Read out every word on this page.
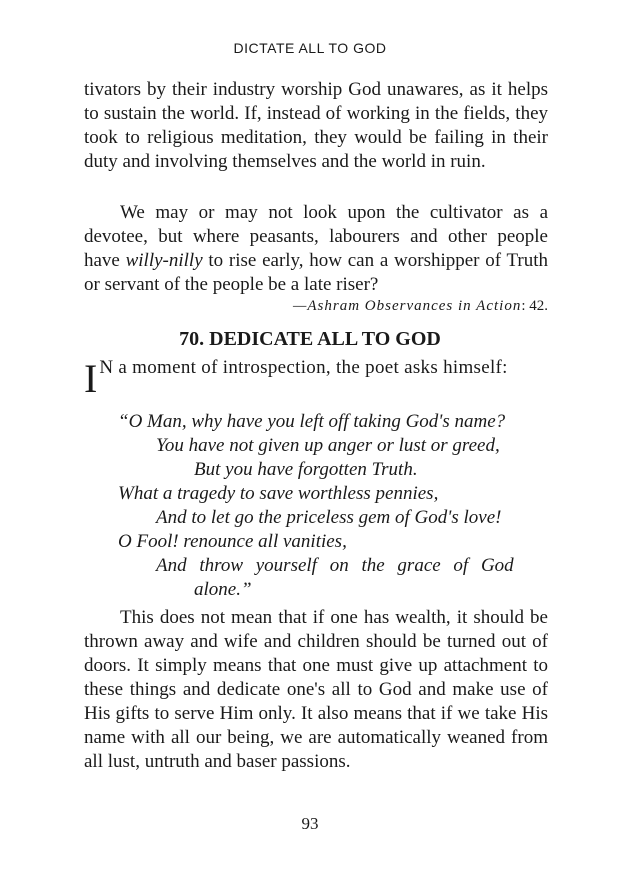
DICTATE ALL TO GOD

tivators by their industry worship God unawares, as it helps to sustain the world. If, instead of working in the fields, they took to religious meditation, they would be failing in their duty and involving themselves and the world in ruin.

We may or may not look upon the cultivator as a devotee, but where peasants, labourers and other people have willy-nilly to rise early, how can a worshipper of Truth or servant of the people be a late riser?

—Ashram Observances in Action: 42.

70. DEDICATE ALL TO GOD

I N a moment of introspection, the poet asks himself:

“O Man, why have you left off taking God's name?
You have not given up anger or lust or greed,
But you have forgotten Truth.
What a tragedy to save worthless pennies,
And to let go the priceless gem of God's love!
O Fool! renounce all vanities,
And throw yourself on the grace of God
alone.”

This does not mean that if one has wealth, it should be thrown away and wife and children should be turned out of doors. It simply means that one must give up attachment to these things and dedicate one's all to God and make use of His gifts to serve Him only. It also means that if we take His name with all our being, we are automatically weaned from all lust, untruth and baser passions.

93
